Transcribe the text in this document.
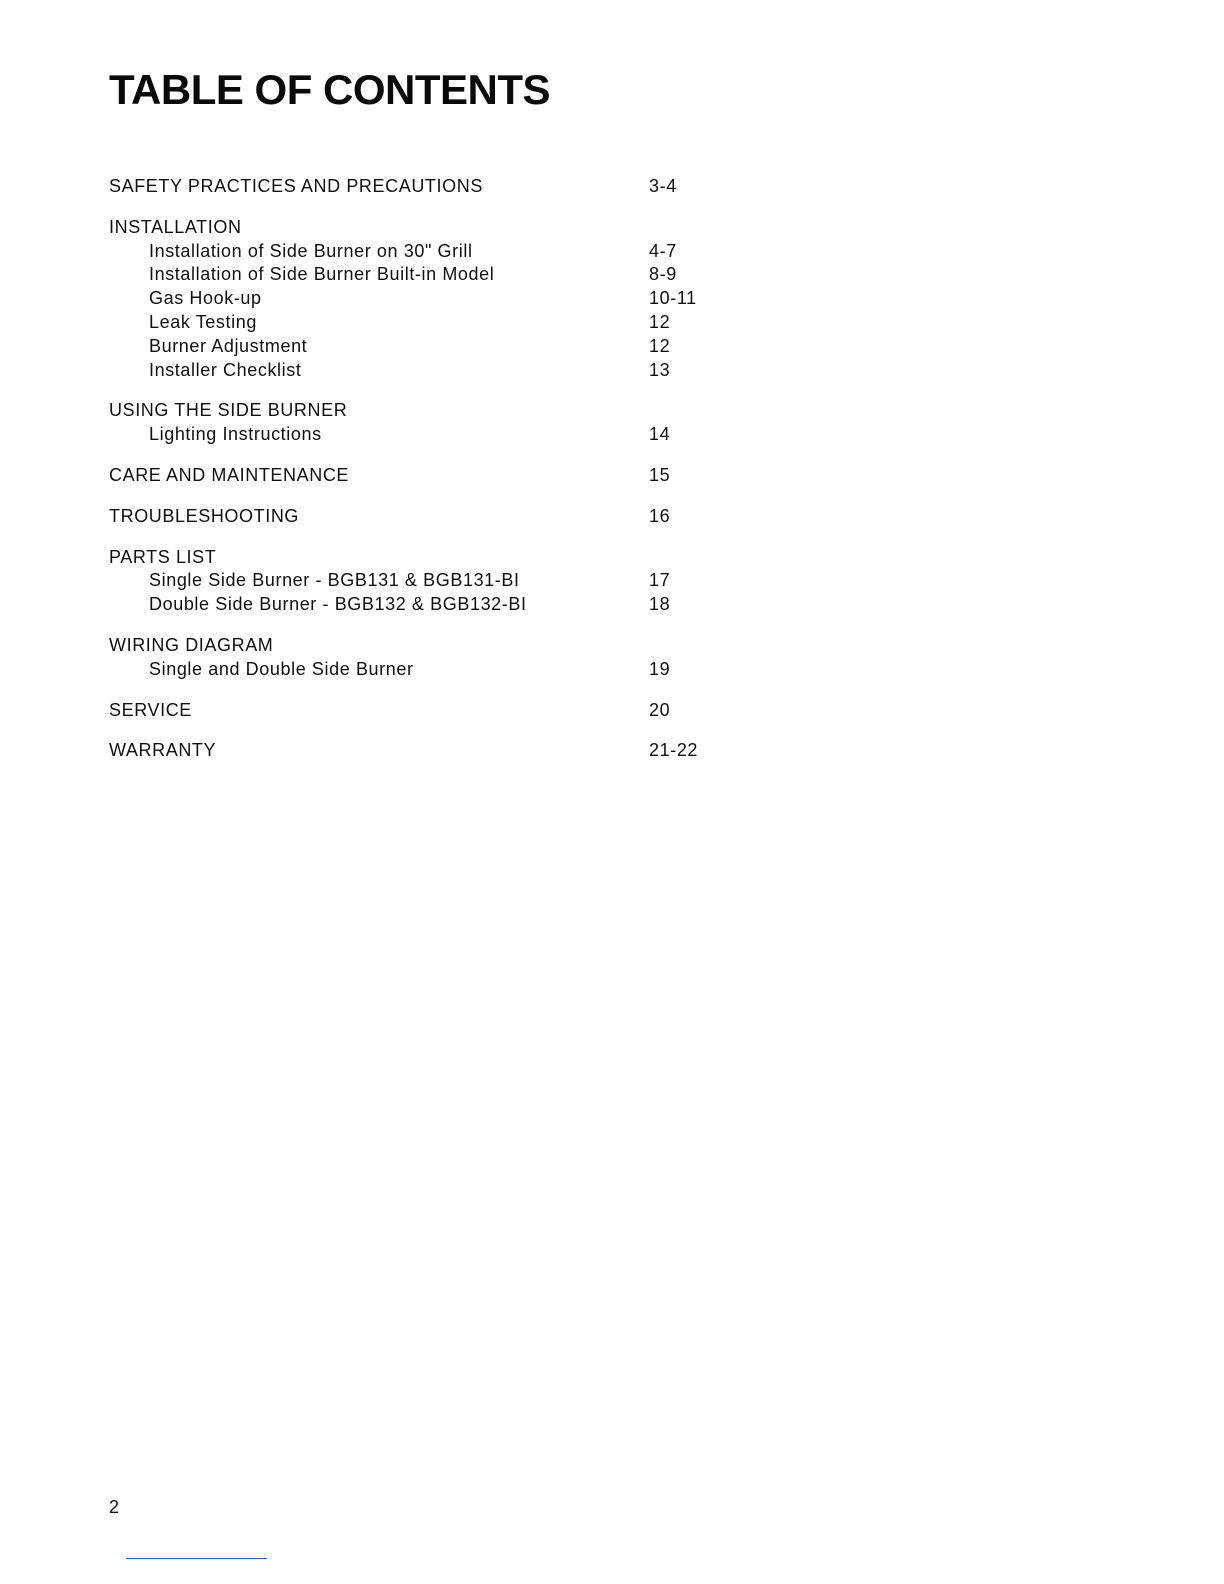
TABLE OF CONTENTS
SAFETY PRACTICES AND PRECAUTIONS	3-4
INSTALLATION
Installation of Side Burner on 30" Grill	4-7
Installation of Side Burner Built-in Model	8-9
Gas Hook-up	10-11
Leak Testing	12
Burner Adjustment	12
Installer Checklist	13
USING THE SIDE BURNER
Lighting Instructions	14
CARE AND MAINTENANCE	15
TROUBLESHOOTING	16
PARTS LIST
Single Side Burner - BGB131 & BGB131-BI	17
Double Side Burner - BGB132 & BGB132-BI	18
WIRING DIAGRAM
Single and Double Side Burner	19
SERVICE	20
WARRANTY	21-22
2
